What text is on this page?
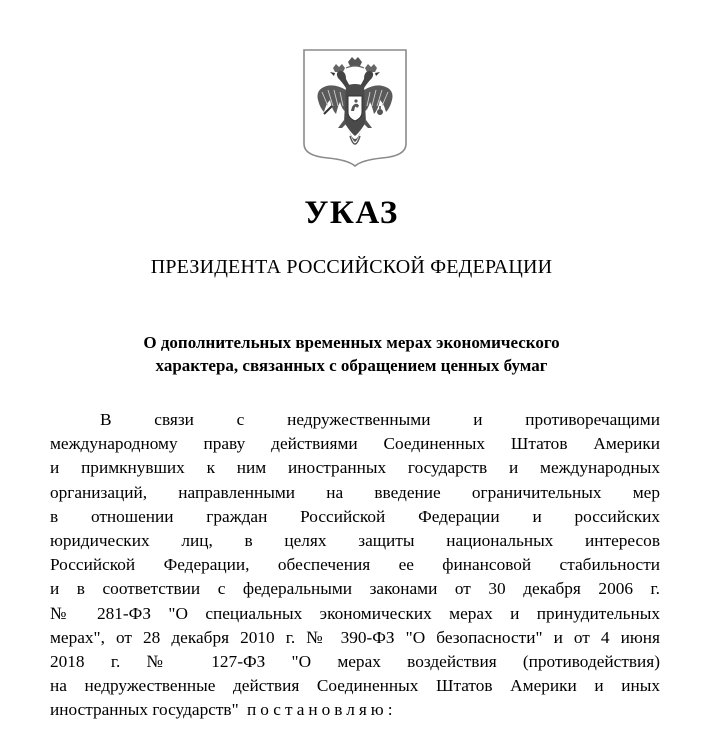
УКАЗ
ПРЕЗИДЕНТА РОССИЙСКОЙ ФЕДЕРАЦИИ
О дополнительных временных мерах экономического
характера, связанных с обращением ценных бумаг
В связи с недружественными и противоречащими
международному праву действиями Соединенных Штатов Америки
и примкнувших к ним иностранных государств и международных
организаций, направленными на введение ограничительных мер
в отношении граждан Российской Федерации и российских
юридических лиц, в целях защиты национальных интересов
Российской Федерации, обеспечения ее финансовой стабильности
и в соответствии с федеральными законами от 30 декабря 2006 г.
№ 281-ФЗ "О специальных экономических мерах и принудительных
мерах", от 28 декабря 2010 г. № 390-ФЗ "О безопасности" и от 4 июня
2018 г. № 127-ФЗ "О мерах воздействия (противодействия)
на недружественные действия Соединенных Штатов Америки и иных
иностранных государств" постановляю:
